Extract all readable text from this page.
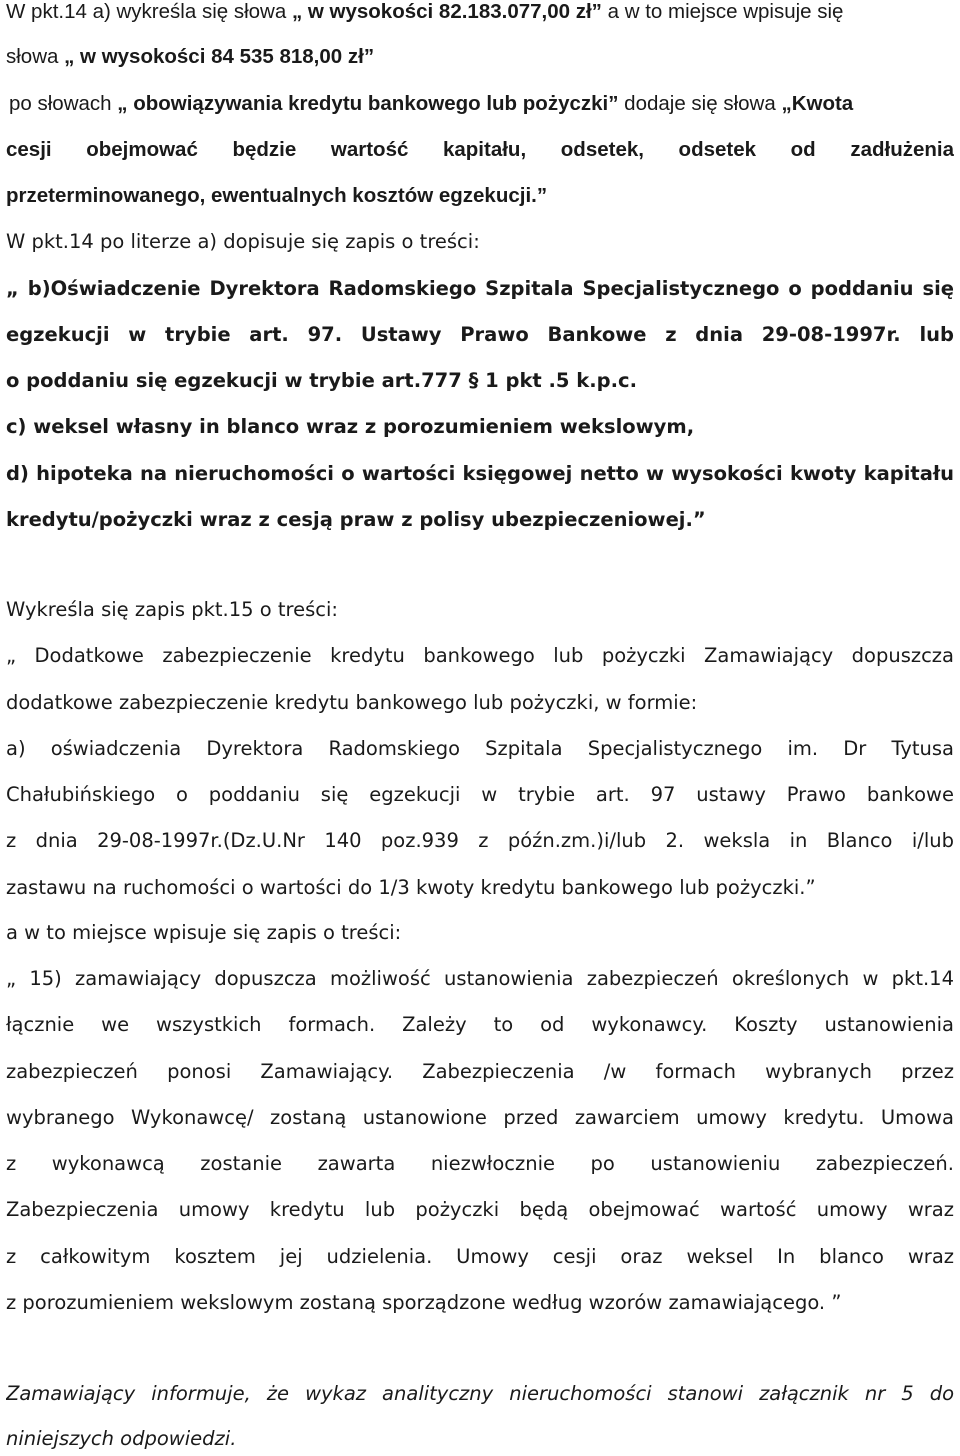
W pkt.14 a) wykreśla się słowa „ w wysokości 82.183.077,00 zł” a w to miejsce wpisuje się
słowa „ w wysokości 84 535 818,00 zł”
po słowach „ obowiązywania kredytu bankowego lub pożyczki” dodaje się słowa „Kwota
cesji obejmować będzie wartość kapitału, odsetek, odsetek od zadłużenia
przeterminowanego, ewentualnych kosztów egzekucji.”
W pkt.14 po literze a) dopisuje się zapis o treści:
„ b)Oświadczenie Dyrektora Radomskiego Szpitala Specjalistycznego o poddaniu się
egzekucji w trybie art. 97. Ustawy Prawo Bankowe z dnia 29-08-1997r. lub
o poddaniu się egzekucji w trybie art.777 § 1 pkt .5 k.p.c.
c) weksel własny in blanco wraz z porozumieniem wekslowym,
d) hipoteka na nieruchomości o wartości księgowej netto w wysokości kwoty kapitału
kredytu/pożyczki wraz z cesją praw z polisy ubezpieczeniowej.”
Wykreśla się zapis pkt.15 o treści:
„ Dodatkowe zabezpieczenie kredytu bankowego lub pożyczki Zamawiający dopuszcza
dodatkowe zabezpieczenie kredytu bankowego lub pożyczki, w formie:
a) oświadczenia Dyrektora Radomskiego Szpitala Specjalistycznego im. Dr Tytusa
Chałubińskiego o poddaniu się egzekucji w trybie art. 97 ustawy Prawo bankowe
z dnia 29-08-1997r.(Dz.U.Nr 140 poz.939 z późn.zm.)i/lub 2. weksla in Blanco i/lub
zastawu na ruchomości o wartości do 1/3 kwoty kredytu bankowego lub pożyczki.”
a w to miejsce wpisuje się zapis o treści:
„ 15) zamawiający dopuszcza możliwość ustanowienia zabezpieczeń określonych w pkt.14
łącznie we wszystkich formach. Zależy to od wykonawcy. Koszty ustanowienia
zabezpieczeń ponosi Zamawiający. Zabezpieczenia /w formach wybranych przez
wybranego Wykonawcę/ zostaną ustanowione przed zawarciem umowy kredytu. Umowa
z wykonawcą zostanie zawarta niezwłocznie po ustanowieniu zabezpieczeń.
Zabezpieczenia umowy kredytu lub pożyczki będą obejmować wartość umowy wraz
z całkowitym kosztem jej udzielenia. Umowy cesji oraz weksel In blanco wraz
z porozumieniem wekslowym zostaną sporządzone według wzorów zamawiającego. ”
Zamawiający informuje, że wykaz analityczny nieruchomości stanowi załącznik nr 5 do
niniejszych odpowiedzi.
